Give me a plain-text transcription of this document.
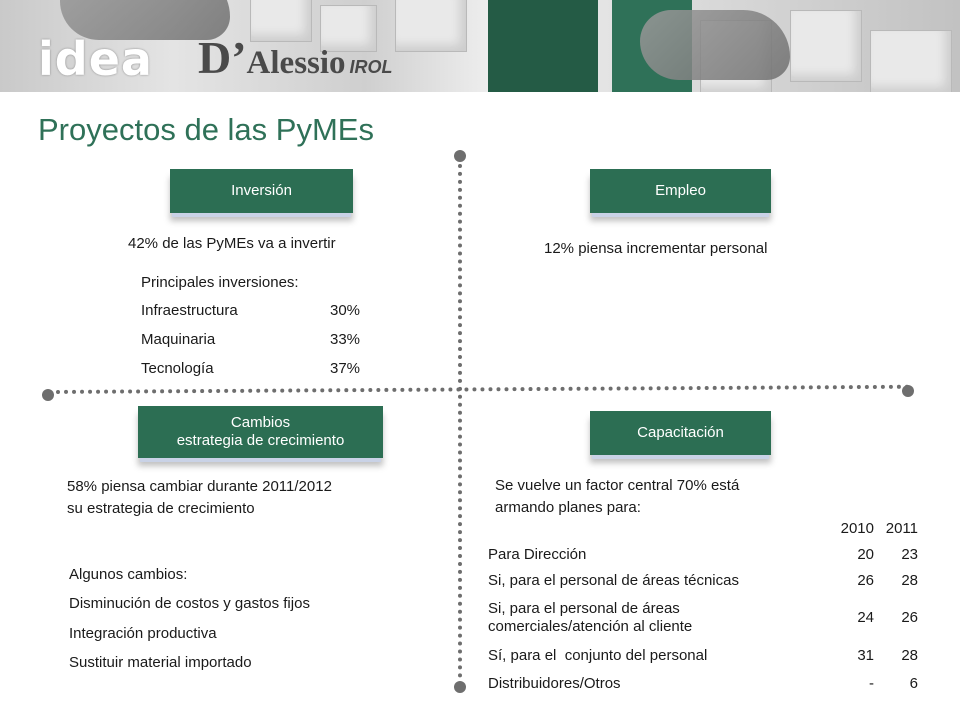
idea D’Alessio IROL
Proyectos de las PyMEs
Inversión
42% de las PyMEs va a invertir
Principales inversiones:
Infraestructura	30%
Maquinaria	33%
Tecnología	37%
Empleo
12% piensa incrementar personal
Cambios
estrategia de crecimiento
58% piensa cambiar durante 2011/2012
su estrategia de crecimiento
Algunos cambios:
Disminución de costos y gastos fijos
Integración productiva
Sustituir material importado
Capacitación
Se vuelve un factor central 70% está
armando planes para:
	2010	2011
Para Dirección	20	23
Si, para el personal de áreas técnicas	26	28
Si, para el personal de áreas comerciales/atención al cliente	24	26
Sí, para el  conjunto del personal	31	28
Distribuidores/Otros	-	6
